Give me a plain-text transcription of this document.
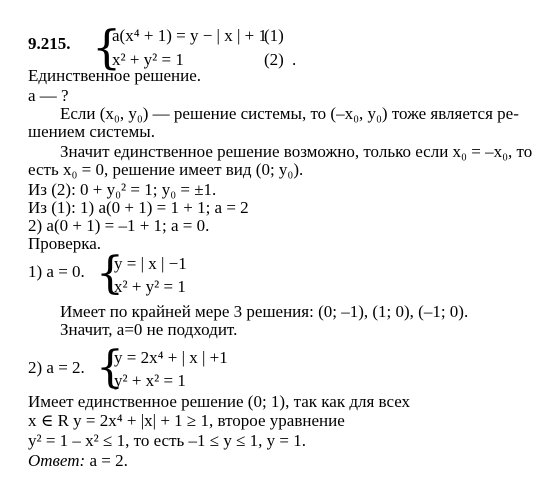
9.215. {
a(x⁴ + 1) = y − | x | + 1
(1)
x² + y² = 1	(2) .
Единственное решение.
a — ?
Если (x₀, y₀) — решение системы, то (–x₀, y₀) тоже является ре-
шением системы.
Значит единственное решение возможно, только если x₀ = –x₀, то
есть x₀ = 0, решение имеет вид (0; y₀).
Из (2): 0 + y₀² = 1; y₀ = ±1.
Из (1): 1) a(0 + 1) = 1 + 1; a = 2
2) a(0 + 1) = –1 + 1; a = 0.
Проверка.
1) a = 0. {
y = | x | −1
x² + y² = 1
Имеет по крайней мере 3 решения: (0; –1), (1; 0), (–1; 0).
Значит, a=0 не подходит.
2) a = 2. {
y = 2x⁴ + | x | +1
y² + x² = 1
Имеет единственное решение (0; 1), так как для всех
x ∈ R y = 2x⁴ + |x| + 1 ≥ 1, второе уравнение
y² = 1 – x² ≤ 1, то есть –1 ≤ y ≤ 1, y = 1.
Ответ: a = 2.
